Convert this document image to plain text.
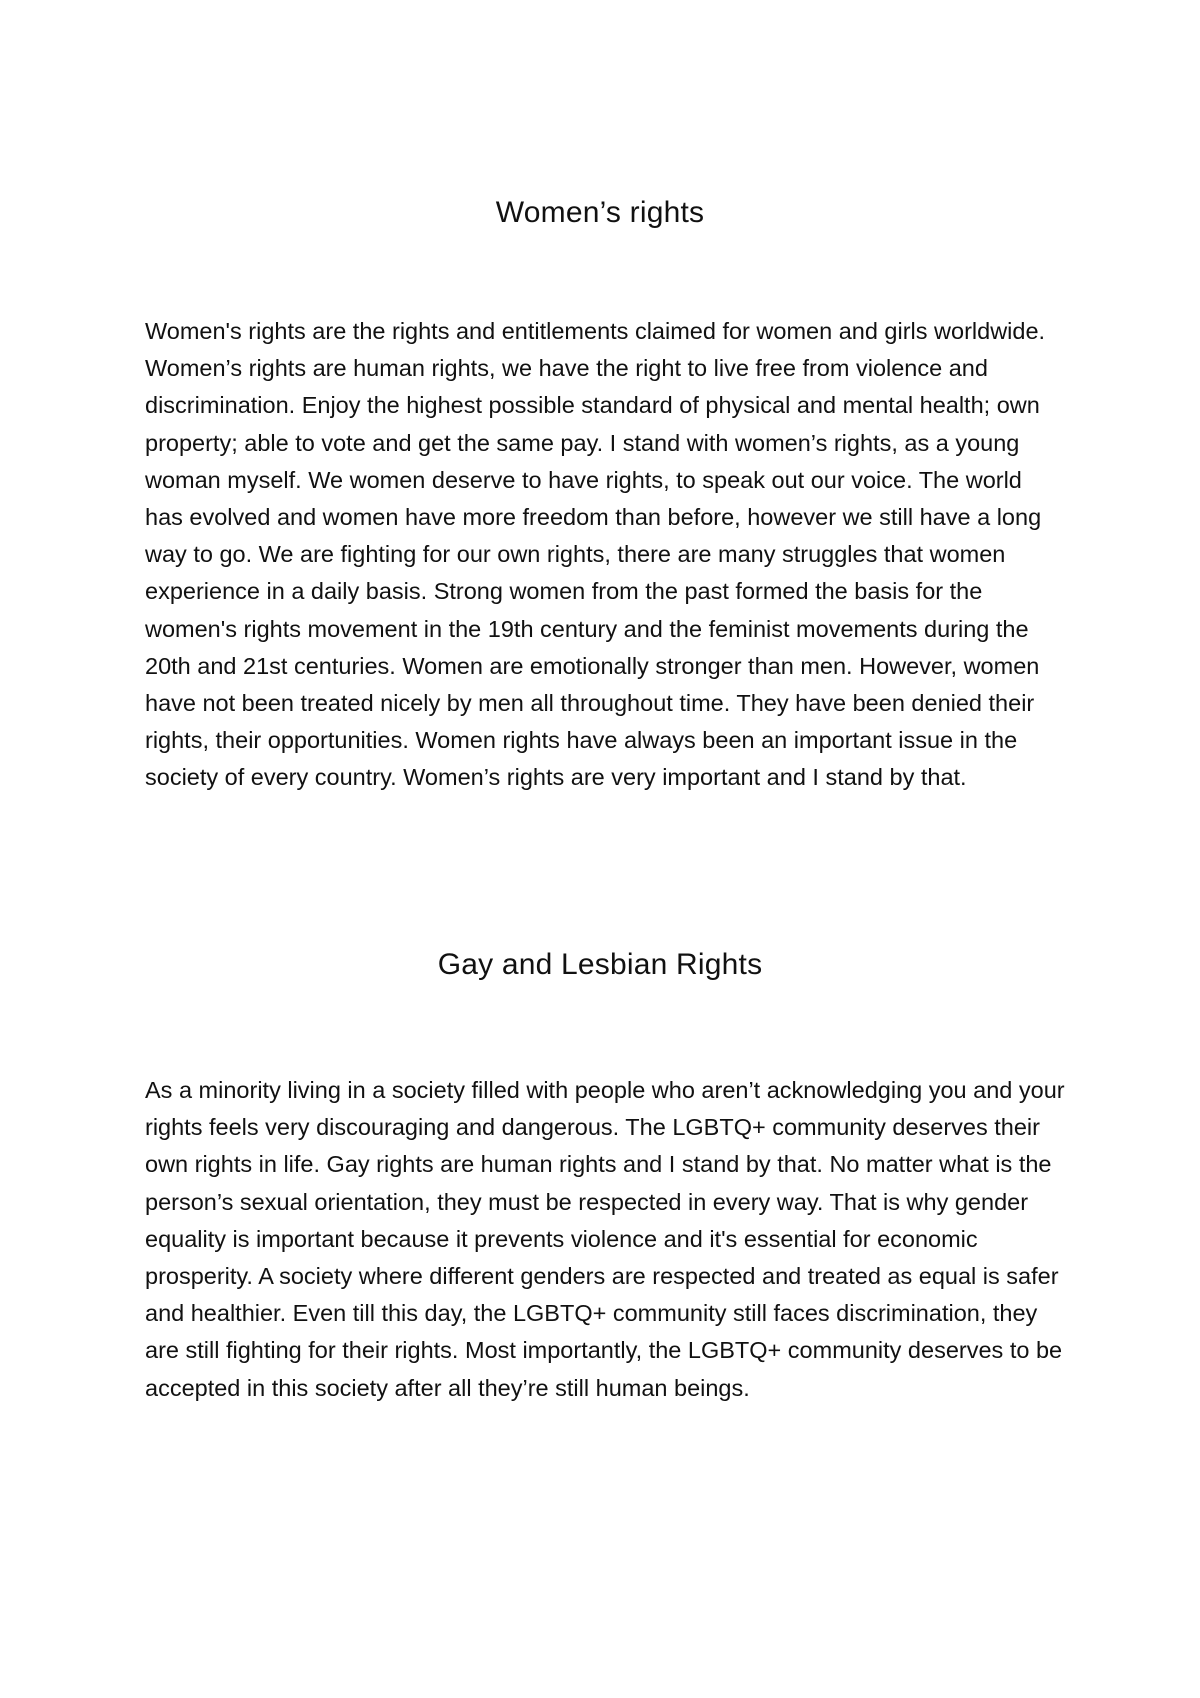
Women’s rights

Women's rights are the rights and entitlements claimed for women and girls worldwide. Women’s rights are human rights, we have the right to live free from violence and discrimination. Enjoy the highest possible standard of physical and mental health; own property; able to vote and get the same pay. I stand with women’s rights, as a young woman myself. We women deserve to have rights, to speak out our voice. The world has evolved and women have more freedom than before, however we still have a long way to go. We are fighting for our own rights, there are many struggles that women experience in a daily basis. Strong women from the past formed the basis for the women's rights movement in the 19th century and the feminist movements during the 20th and 21st centuries. Women are emotionally stronger than men. However, women have not been treated nicely by men all throughout time. They have been denied their rights, their opportunities. Women rights have always been an important issue in the society of every country. Women’s rights are very important and I stand by that.

Gay and Lesbian Rights

As a minority living in a society filled with people who aren’t acknowledging you and your rights feels very discouraging and dangerous. The LGBTQ+ community deserves their own rights in life. Gay rights are human rights and I stand by that. No matter what is the person’s sexual orientation, they must be respected in every way. That is why gender equality is important because it prevents violence and it's essential for economic prosperity. A society where different genders are respected and treated as equal is safer and healthier. Even till this day, the LGBTQ+ community still faces discrimination, they are still fighting for their rights. Most importantly, the LGBTQ+ community deserves to be accepted in this society after all they’re still human beings.
